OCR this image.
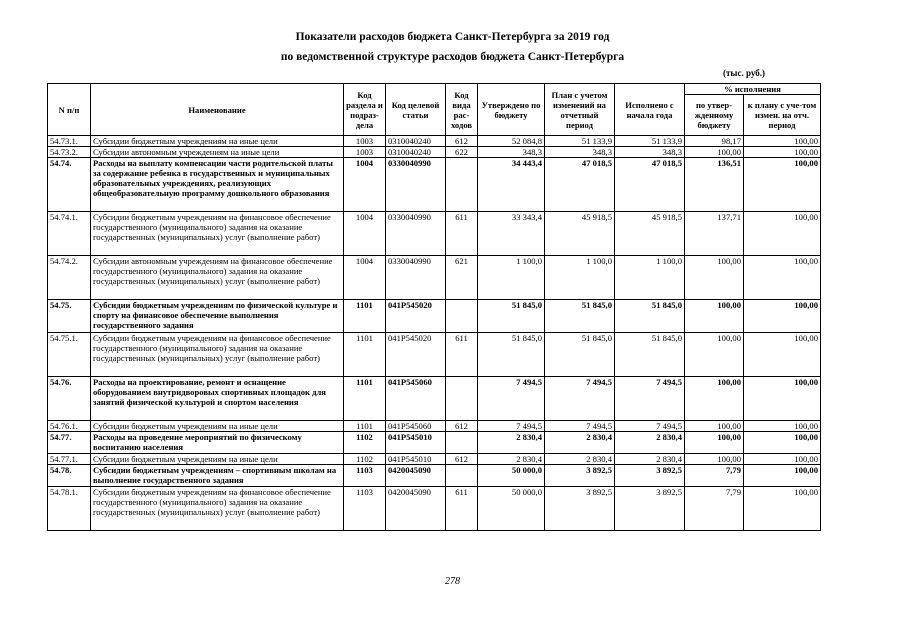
Показатели расходов бюджета Санкт-Петербурга за 2019 год
по ведомственной структуре расходов бюджета Санкт-Петербурга
(тыс. руб.)
N п/п	Наименование	Код раздела и подраз-дела	Код целевой статьи	Код вида рас-ходов	Утверждено по бюджету	План с учетом изменений на отчетный период	Исполнено с начала года	% исполнения	
								по утвер-жденному бюджету	к плану с уче-том измен. на отч. период
54.73.1.	Субсидии бюджетным учреждениям на иные цели	1003	0310040240	612	52 084,8	51 133,9	51 133,9	98,17	100,00
54.73.2.	Субсидии автономным учреждениям на иные цели	1003	0310040240	622	348,3	348,3	348,3	100,00	100,00
54.74.	Расходы на выплату компенсации части родительской платы за содержание ребенка в государственных и муниципальных образовательных учреждениях, реализующих общеобразовательную программу дошкольного образования	1004	0330040990		34 443,4	47 018,5	47 018,5	136,51	100,00
54.74.1.	Субсидии бюджетным учреждениям на финансовое обеспечение государственного (муниципального) задания на оказание государственных (муниципальных) услуг (выполнение работ)	1004	0330040990	611	33 343,4	45 918,5	45 918,5	137,71	100,00
54.74.2.	Субсидии автономным учреждениям на финансовое обеспечение государственного (муниципального) задания на оказание государственных (муниципальных) услуг (выполнение работ)	1004	0330040990	621	1 100,0	1 100,0	1 100,0	100,00	100,00
54.75.	Субсидии бюджетным учреждениям по физической культуре и спорту на финансовое обеспечение выполнения государственного задания	1101	041P545020		51 845,0	51 845,0	51 845,0	100,00	100,00
54.75.1.	Субсидии бюджетным учреждениям на финансовое обеспечение государственного (муниципального) задания на оказание государственных (муниципальных) услуг (выполнение работ)	1101	041P545020	611	51 845,0	51 845,0	51 845,0	100,00	100,00
54.76.	Расходы на проектирование, ремонт и оснащение оборудованием внутридворовых спортивных площадок для занятий физической культурой и спортом населения	1101	041P545060		7 494,5	7 494,5	7 494,5	100,00	100,00
54.76.1.	Субсидии бюджетным учреждениям на иные цели	1101	041P545060	612	7 494,5	7 494,5	7 494,5	100,00	100,00
54.77.	Расходы на проведение мероприятий по физическому воспитанию населения	1102	041P545010		2 830,4	2 830,4	2 830,4	100,00	100,00
54.77.1.	Субсидии бюджетным учреждениям на иные цели	1102	041P545010	612	2 830,4	2 830,4	2 830,4	100,00	100,00
54.78.	Субсидии бюджетным учреждениям – спортивным школам на выполнение государственного задания	1103	0420045090		50 000,0	3 892,5	3 892,5	7,79	100,00
54.78.1.	Субсидии бюджетным учреждениям на финансовое обеспечение государственного (муниципального) задания на оказание государственных (муниципальных) услуг (выполнение работ)	1103	0420045090	611	50 000,0	3 892,5	3 892,5	7,79	100,00
278
